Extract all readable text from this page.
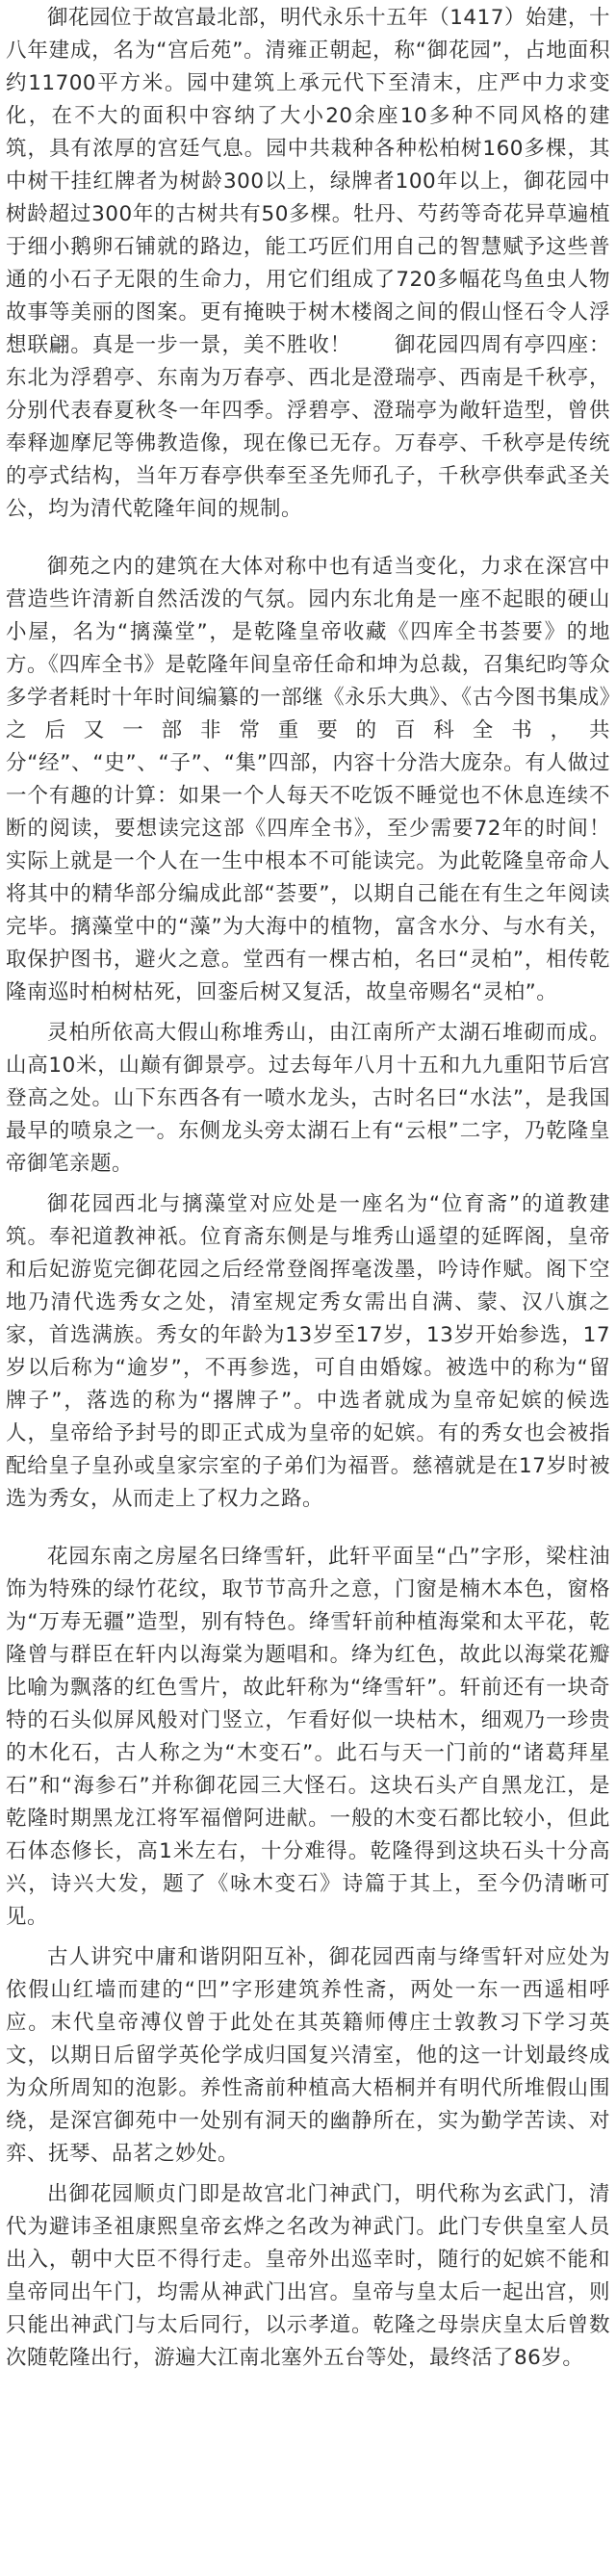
御花园位于故宫最北部，明代永乐十五年（1417）始建，十八年建成，名为“宫后苑”。清雍正朝起，称“御花园”，占地面积约11700平方米。园中建筑上承元代下至清末，庄严中力求变化，在不大的面积中容纳了大小20余座10多种不同风格的建筑，具有浓厚的宫廷气息。园中共栽种各种松柏树160多棵，其中树干挂红牌者为树龄300以上，绿牌者100年以上，御花园中树龄超过300年的古树共有50多棵。牡丹、芍药等奇花异草遍植于细小鹅卵石铺就的路边，能工巧匠们用自己的智慧赋予这些普通的小石子无限的生命力，用它们组成了720多幅花鸟鱼虫人物故事等美丽的图案。更有掩映于树木楼阁之间的假山怪石令人浮想联翩。真是一步一景，美不胜收！　　御花园四周有亭四座：东北为浮碧亭、东南为万春亭、西北是澄瑞亭、西南是千秋亭，分别代表春夏秋冬一年四季。浮碧亭、澄瑞亭为敞轩造型，曾供奉释迦摩尼等佛教造像，现在像已无存。万春亭、千秋亭是传统的亭式结构，当年万春亭供奉至圣先师孔子，千秋亭供奉武圣关公，均为清代乾隆年间的规制。

御苑之内的建筑在大体对称中也有适当变化，力求在深宫中营造些许清新自然活泼的气氛。园内东北角是一座不起眼的硬山小屋，名为“摛藻堂”，是乾隆皇帝收藏《四库全书荟要》的地方。《四库全书》是乾隆年间皇帝任命和坤为总裁，召集纪昀等众多学者耗时十年时间编纂的一部继《永乐大典》、《古今图书集成》之后又一部非常重要的百科全书，共分“经”、“史”、“子”、“集”四部，内容十分浩大庞杂。有人做过一个有趣的计算：如果一个人每天不吃饭不睡觉也不休息连续不断的阅读，要想读完这部《四库全书》，至少需要72年的时间！实际上就是一个人在一生中根本不可能读完。为此乾隆皇帝命人将其中的精华部分编成此部“荟要”，以期自己能在有生之年阅读完毕。摛藻堂中的“藻”为大海中的植物，富含水分、与水有关，取保护图书，避火之意。堂西有一棵古柏，名曰“灵柏”，相传乾隆南巡时柏树枯死，回銮后树又复活，故皇帝赐名“灵柏”。

灵柏所依高大假山称堆秀山，由江南所产太湖石堆砌而成。山高10米，山巅有御景亭。过去每年八月十五和九九重阳节后宫登高之处。山下东西各有一喷水龙头，古时名曰“水法”，是我国最早的喷泉之一。东侧龙头旁太湖石上有“云根”二字，乃乾隆皇帝御笔亲题。

御花园西北与摛藻堂对应处是一座名为“位育斋”的道教建筑。奉祀道教神祇。位育斋东侧是与堆秀山遥望的延晖阁，皇帝和后妃游览完御花园之后经常登阁挥毫泼墨，吟诗作赋。阁下空地乃清代选秀女之处，清室规定秀女需出自满、蒙、汉八旗之家，首选满族。秀女的年龄为13岁至17岁，13岁开始参选，17岁以后称为“逾岁”，不再参选，可自由婚嫁。被选中的称为“留牌子”，落选的称为“撂牌子”。中选者就成为皇帝妃嫔的候选人，皇帝给予封号的即正式成为皇帝的妃嫔。有的秀女也会被指配给皇子皇孙或皇家宗室的子弟们为福晋。慈禧就是在17岁时被选为秀女，从而走上了权力之路。

花园东南之房屋名曰绛雪轩，此轩平面呈“凸”字形，梁柱油饰为特殊的绿竹花纹，取节节高升之意，门窗是楠木本色，窗格为“万寿无疆”造型，别有特色。绛雪轩前种植海棠和太平花，乾隆曾与群臣在轩内以海棠为题唱和。绛为红色，故此以海棠花瓣比喻为飘落的红色雪片，故此轩称为“绛雪轩”。轩前还有一块奇特的石头似屏风般对门竖立，乍看好似一块枯木，细观乃一珍贵的木化石，古人称之为“木变石”。此石与天一门前的“诸葛拜星石”和“海参石”并称御花园三大怪石。这块石头产自黑龙江，是乾隆时期黑龙江将军福僧阿进献。一般的木变石都比较小，但此石体态修长，高1米左右，十分难得。乾隆得到这块石头十分高兴，诗兴大发，题了《咏木变石》诗篇于其上，至今仍清晰可见。

古人讲究中庸和谐阴阳互补，御花园西南与绛雪轩对应处为依假山红墙而建的“凹”字形建筑养性斋，两处一东一西遥相呼应。末代皇帝溥仪曾于此处在其英籍师傅庄士敦教习下学习英文，以期日后留学英伦学成归国复兴清室，他的这一计划最终成为众所周知的泡影。养性斋前种植高大梧桐并有明代所堆假山围绕，是深宫御苑中一处别有洞天的幽静所在，实为勤学苦读、对弈、抚琴、品茗之妙处。

出御花园顺贞门即是故宫北门神武门，明代称为玄武门，清代为避讳圣祖康熙皇帝玄烨之名改为神武门。此门专供皇室人员出入，朝中大臣不得行走。皇帝外出巡幸时，随行的妃嫔不能和皇帝同出午门，均需从神武门出宫。皇帝与皇太后一起出宫，则只能出神武门与太后同行，以示孝道。乾隆之母崇庆皇太后曾数次随乾隆出行，游遍大江南北塞外五台等处，最终活了86岁。
